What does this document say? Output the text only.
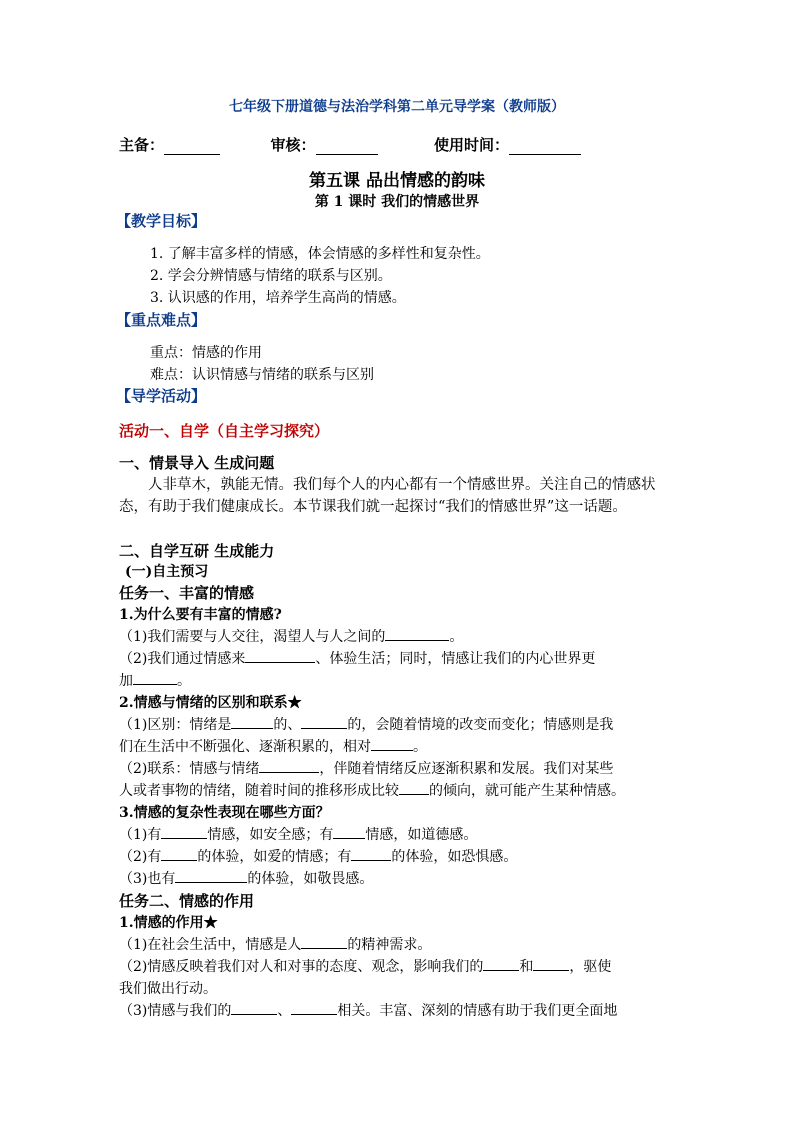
七年级下册道德与法治学科第二单元导学案（教师版）
主备：	审核：	使用时间：
第五课 品出情感的韵味
第 1 课时 我们的情感世界
【教学目标】
1. 了解丰富多样的情感，体会情感的多样性和复杂性。
2. 学会分辨情感与情绪的联系与区别。
3. 认识感的作用，培养学生高尚的情感。
【重点难点】
重点：情感的作用
难点：认识情感与情绪的联系与区别
【导学活动】
活动一、自学（自主学习探究）
一、情景导入 生成问题
人非草木，孰能无情。我们每个人的内心都有一个情感世界。关注自己的情感状态，有助于我们健康成长。本节课我们就一起探讨“我们的情感世界”这一话题。
二、自学互研 生成能力
(一)自主预习
任务一、丰富的情感
1.为什么要有丰富的情感?
（1)我们需要与人交往，渴望人与人之间的	。
（2)我们通过情感来	、体验生活；同时，情感让我们的内心世界更
加	。
2.情感与情绪的区别和联系★
（1)区别：情绪是	的、	的，会随着情境的改变而变化；情感则是我
们在生活中不断强化、逐渐积累的，相对	。
（2)联系：情感与情绪	，伴随着情绪反应逐渐积累和发展。我们对某些
人或者事物的情绪，随着时间的推移形成比较 的倾向，就可能产生某种情感。
3.情感的复杂性表现在哪些方面？
（1)有	情感，如安全感；有 情感，如道德感。
（2)有	的体验，如爱的情感；有	的体验，如恐惧感。
（3)也有	的体验，如敬畏感。
任务二、情感的作用
1.情感的作用★
（1)在社会生活中，情感是人	的精神需求。
（2)情感反映着我们对人和对事的态度、观念，影响我们的	和	，驱使
我们做出行动。
（3)情感与我们的	、	相关。丰富、深刻的情感有助于我们更全面地
